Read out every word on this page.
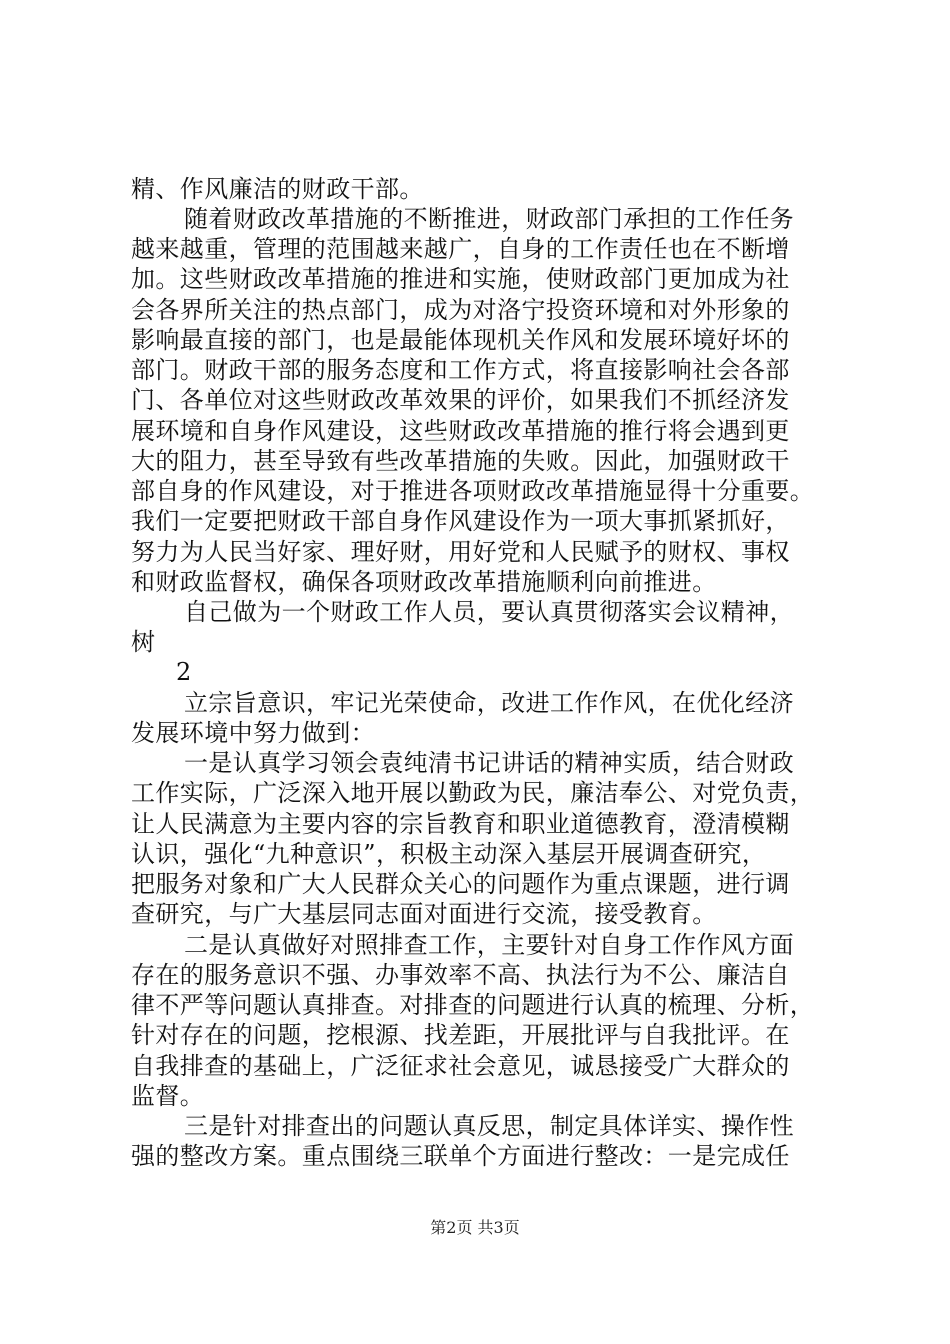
精、作风廉洁的财政干部。
随着财政改革措施的不断推进，财政部门承担的工作任务
越来越重，管理的范围越来越广，自身的工作责任也在不断增
加。这些财政改革措施的推进和实施，使财政部门更加成为社
会各界所关注的热点部门，成为对洛宁投资环境和对外形象的
影响最直接的部门，也是最能体现机关作风和发展环境好坏的
部门。财政干部的服务态度和工作方式，将直接影响社会各部
门、各单位对这些财政改革效果的评价，如果我们不抓经济发
展环境和自身作风建设，这些财政改革措施的推行将会遇到更
大的阻力，甚至导致有些改革措施的失败。因此，加强财政干
部自身的作风建设，对于推进各项财政改革措施显得十分重要。
我们一定要把财政干部自身作风建设作为一项大事抓紧抓好，
努力为人民当好家、理好财，用好党和人民赋予的财权、事权
和财政监督权，确保各项财政改革措施顺利向前推进。
自己做为一个财政工作人员，要认真贯彻落实会议精神，
树
2
立宗旨意识，牢记光荣使命，改进工作作风，在优化经济
发展环境中努力做到：
一是认真学习领会袁纯清书记讲话的精神实质，结合财政
工作实际，广泛深入地开展以勤政为民，廉洁奉公、对党负责，
让人民满意为主要内容的宗旨教育和职业道德教育，澄清模糊
认识，强化“九种意识”，积极主动深入基层开展调查研究，
把服务对象和广大人民群众关心的问题作为重点课题，进行调
查研究，与广大基层同志面对面进行交流，接受教育。
二是认真做好对照排查工作，主要针对自身工作作风方面
存在的服务意识不强、办事效率不高、执法行为不公、廉洁自
律不严等问题认真排查。对排查的问题进行认真的梳理、分析，
针对存在的问题，挖根源、找差距，开展批评与自我批评。在
自我排查的基础上，广泛征求社会意见，诚恳接受广大群众的
监督。
三是针对排查出的问题认真反思，制定具体详实、操作性
强的整改方案。重点围绕三联单个方面进行整改：一是完成任
第2页 共3页
